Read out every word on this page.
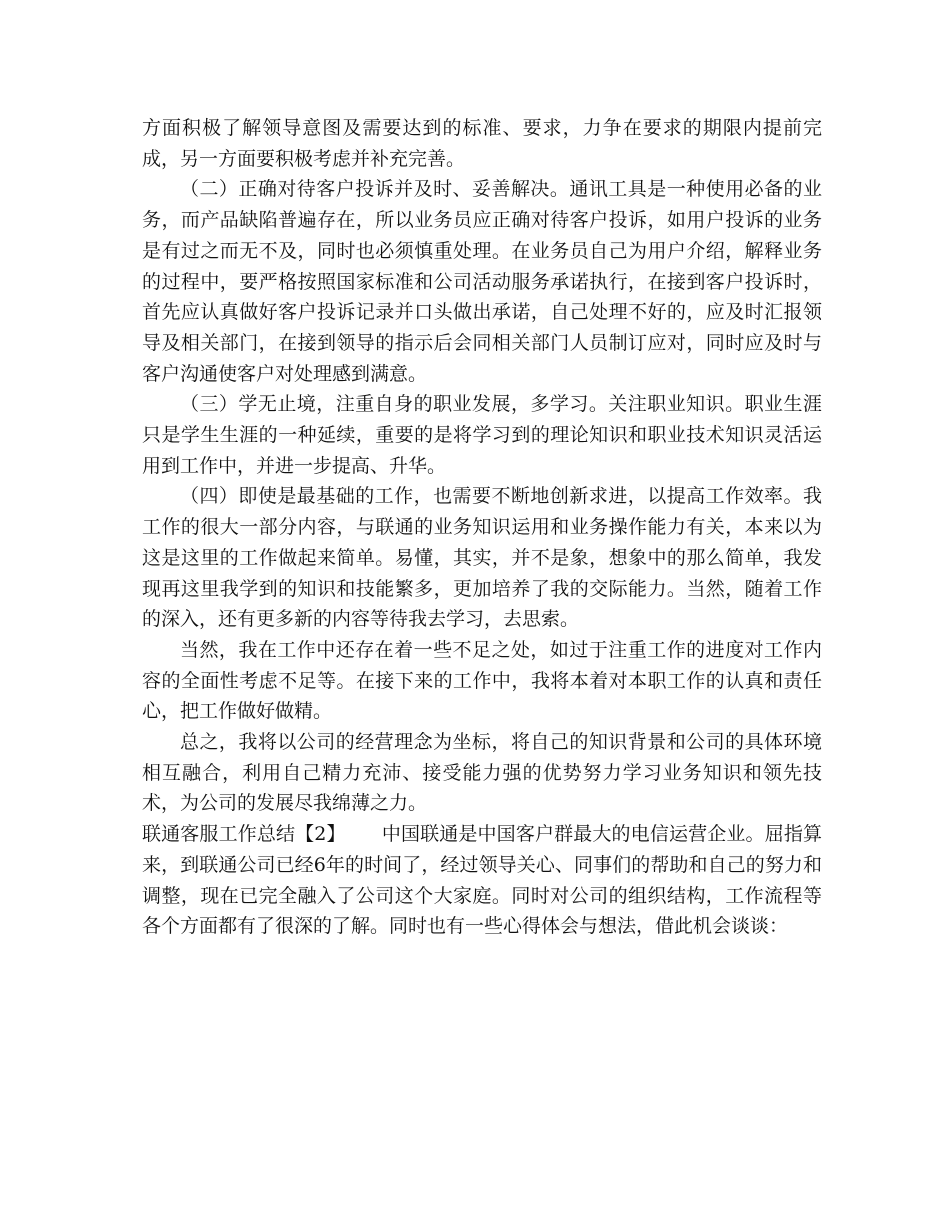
方面积极了解领导意图及需要达到的标准、要求，力争在要求的期限内提前完成，另一方面要积极考虑并补充完善。

（二）正确对待客户投诉并及时、妥善解决。通讯工具是一种使用必备的业务，而产品缺陷普遍存在，所以业务员应正确对待客户投诉，如用户投诉的业务是有过之而无不及，同时也必须慎重处理。在业务员自己为用户介绍，解释业务的过程中，要严格按照国家标准和公司活动服务承诺执行，在接到客户投诉时，首先应认真做好客户投诉记录并口头做出承诺，自己处理不好的，应及时汇报领导及相关部门，在接到领导的指示后会同相关部门人员制订应对，同时应及时与客户沟通使客户对处理感到满意。

（三）学无止境，注重自身的职业发展，多学习。关注职业知识。职业生涯只是学生生涯的一种延续，重要的是将学习到的理论知识和职业技术知识灵活运用到工作中，并进一步提高、升华。

（四）即使是最基础的工作，也需要不断地创新求进，以提高工作效率。我工作的很大一部分内容，与联通的业务知识运用和业务操作能力有关，本来以为这是这里的工作做起来简单。易懂，其实，并不是象，想象中的那么简单，我发现再这里我学到的知识和技能繁多，更加培养了我的交际能力。当然，随着工作的深入，还有更多新的内容等待我去学习，去思索。

当然，我在工作中还存在着一些不足之处，如过于注重工作的进度对工作内容的全面性考虑不足等。在接下来的工作中，我将本着对本职工作的认真和责任心，把工作做好做精。

总之，我将以公司的经营理念为坐标，将自己的知识背景和公司的具体环境相互融合，利用自己精力充沛、接受能力强的优势努力学习业务知识和领先技术，为公司的发展尽我绵薄之力。

联通客服工作总结【2】 中国联通是中国客户群最大的电信运营企业。屈指算来，到联通公司已经6年的时间了，经过领导关心、同事们的帮助和自己的努力和调整，现在已完全融入了公司这个大家庭。同时对公司的组织结构，工作流程等各个方面都有了很深的了解。同时也有一些心得体会与想法，借此机会谈谈：
